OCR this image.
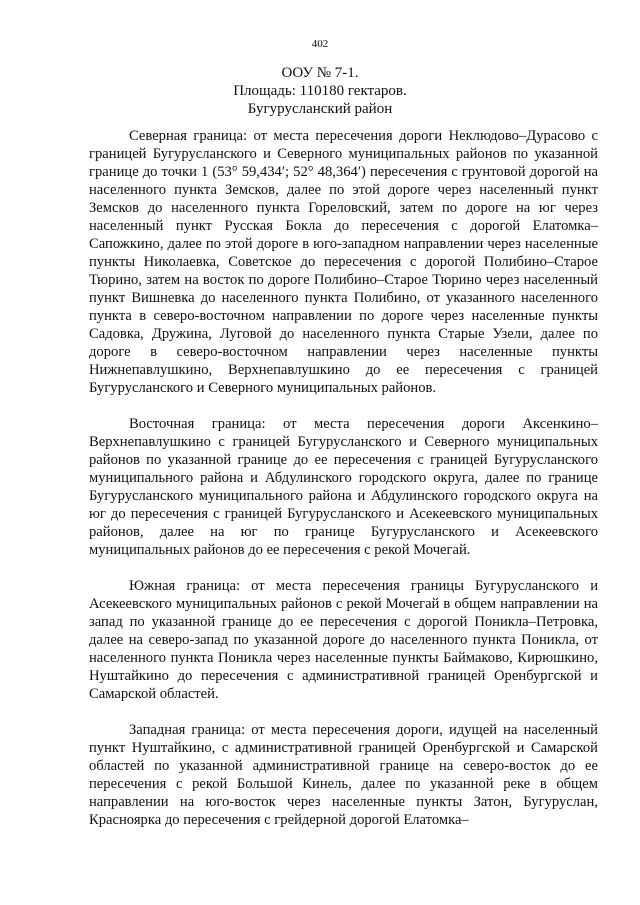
402
ООУ № 7-1.
Площадь: 110180 гектаров.
Бугурусланский район

Северная граница: от места пересечения дороги Неклюдово–Дурасово с границей Бугурусланского и Северного муниципальных районов по указанной границе до точки 1 (53° 59,434′; 52° 48,364′) пересечения с грунтовой дорогой на населенного пункта Земсков, далее по этой дороге через населенный пункт Земсков до населенного пункта Гореловский, затем по дороге на юг через населенный пункт Русская Бокла до пересечения с дорогой Елатомка–Сапожкино, далее по этой дороге в юго-западном направлении через населенные пункты Николаевка, Советское до пересечения с дорогой Полибино–Старое Тюрино, затем на восток по дороге Полибино–Старое Тюрино через населенный пункт Вишневка до населенного пункта Полибино, от указанного населенного пункта в северо-восточном направлении по дороге через населенные пункты Садовка, Дружина, Луговой до населенного пункта Старые Узели, далее по дороге в северо-восточном направлении через населенные пункты Нижнепавлушкино, Верхнепавлушкино до ее пересечения с границей Бугурусланского и Северного муниципальных районов.

Восточная граница: от места пересечения дороги Аксенкино–Верхнепавлушкино с границей Бугурусланского и Северного муниципальных районов по указанной границе до ее пересечения с границей Бугурусланского муниципального района и Абдулинского городского округа, далее по границе Бугурусланского муниципального района и Абдулинского городского округа на юг до пересечения с границей Бугурусланского и Асекеевского муниципальных районов, далее на юг по границе Бугурусланского и Асекеевского муниципальных районов до ее пересечения с рекой Мочегай.

Южная граница: от места пересечения границы Бугурусланского и Асекеевского муниципальных районов с рекой Мочегай в общем направлении на запад по указанной границе до ее пересечения с дорогой Поникла–Петровка, далее на северо-запад по указанной дороге до населенного пункта Поникла, от населенного пункта Поникла через населенные пункты Баймаково, Кирюшкино, Нуштайкино до пересечения с административной границей Оренбургской и Самарской областей.

Западная граница: от места пересечения дороги, идущей на населенный пункт Нуштайкино, с административной границей Оренбургской и Самарской областей по указанной административной границе на северо-восток до ее пересечения с рекой Большой Кинель, далее по указанной реке в общем направлении на юго-восток через населенные пункты Затон, Бугуруслан, Красноярка до пересечения с грейдерной дорогой Елатомка–
